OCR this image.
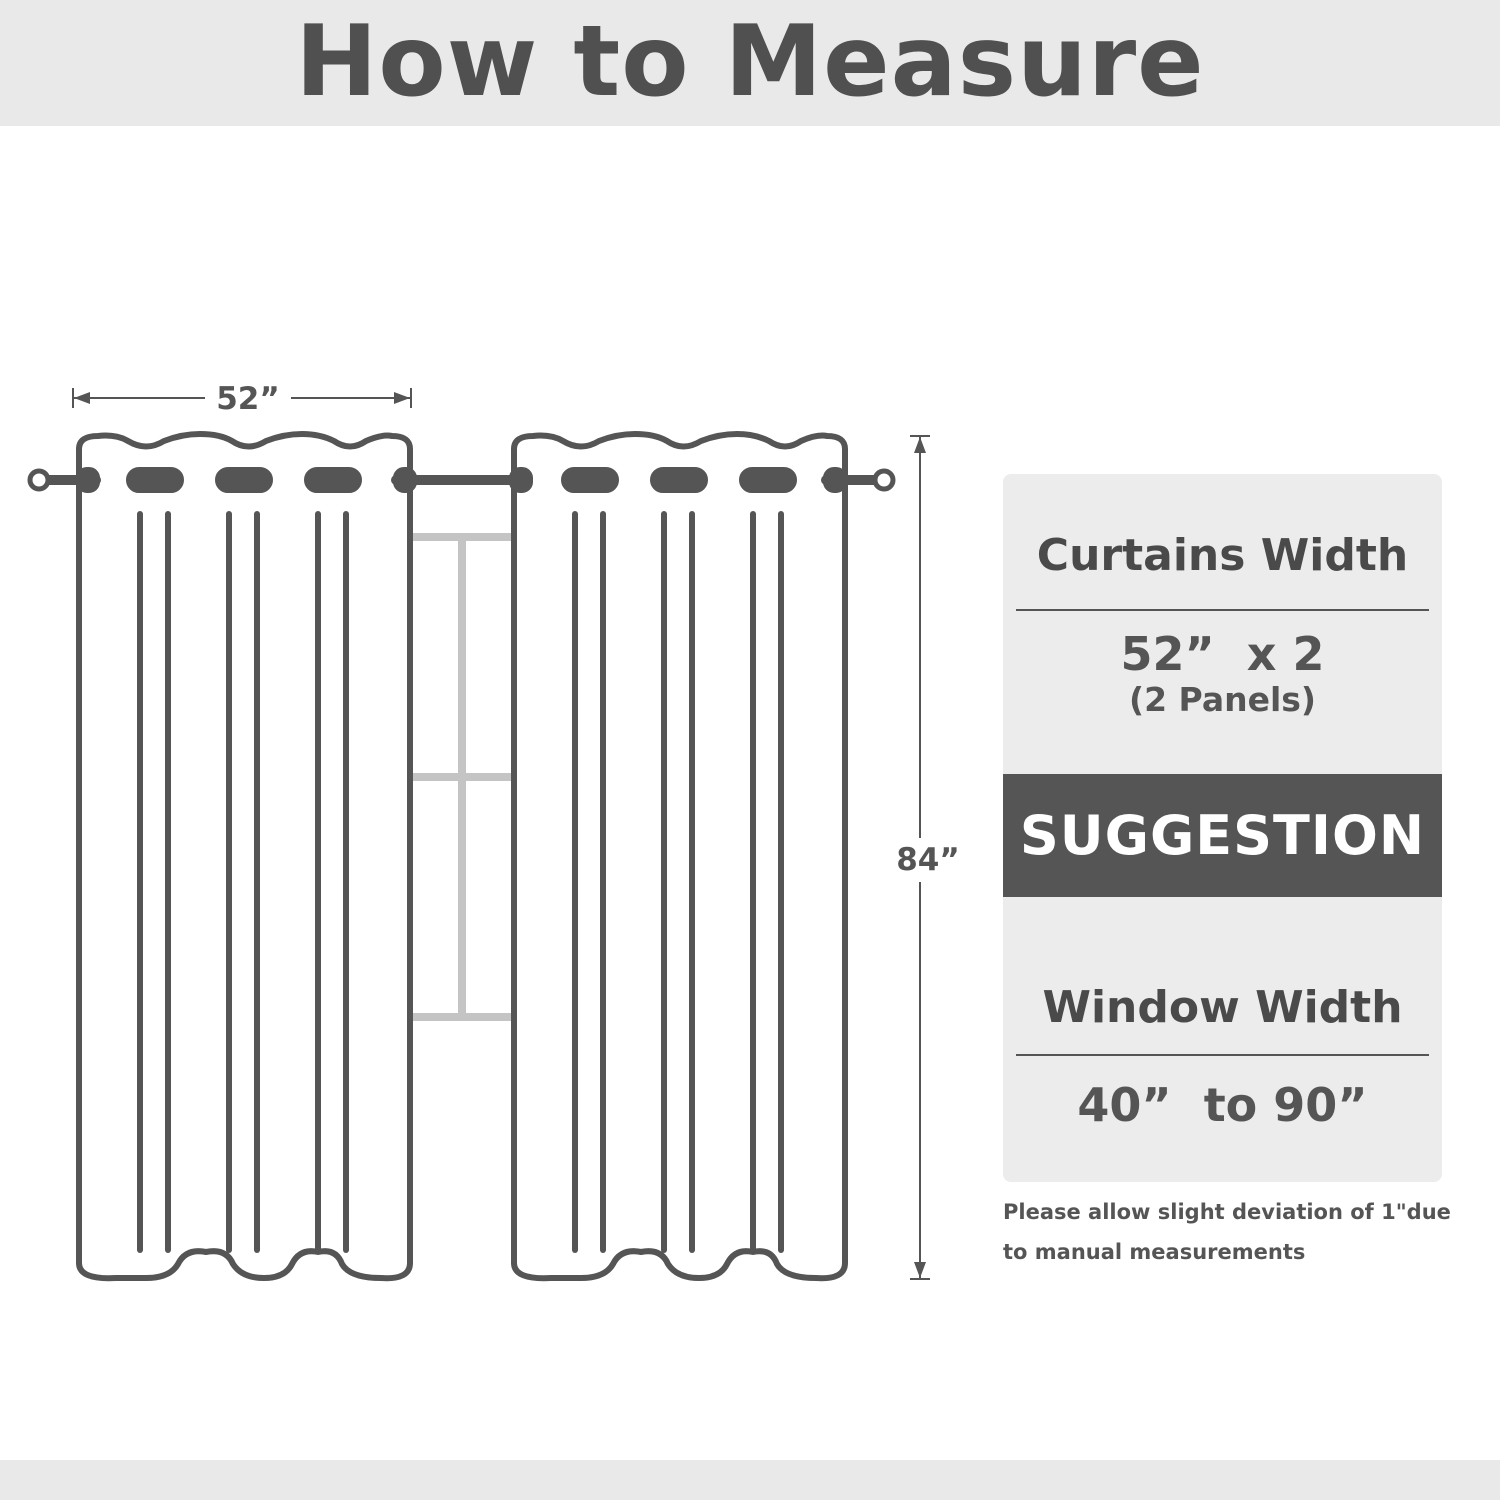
How to Measure
52”
84”
Curtains Width
52”  x 2
(2 Panels)
SUGGESTION
Window Width
40”  to 90”
Please allow slight deviation of 1"due to manual measurements
